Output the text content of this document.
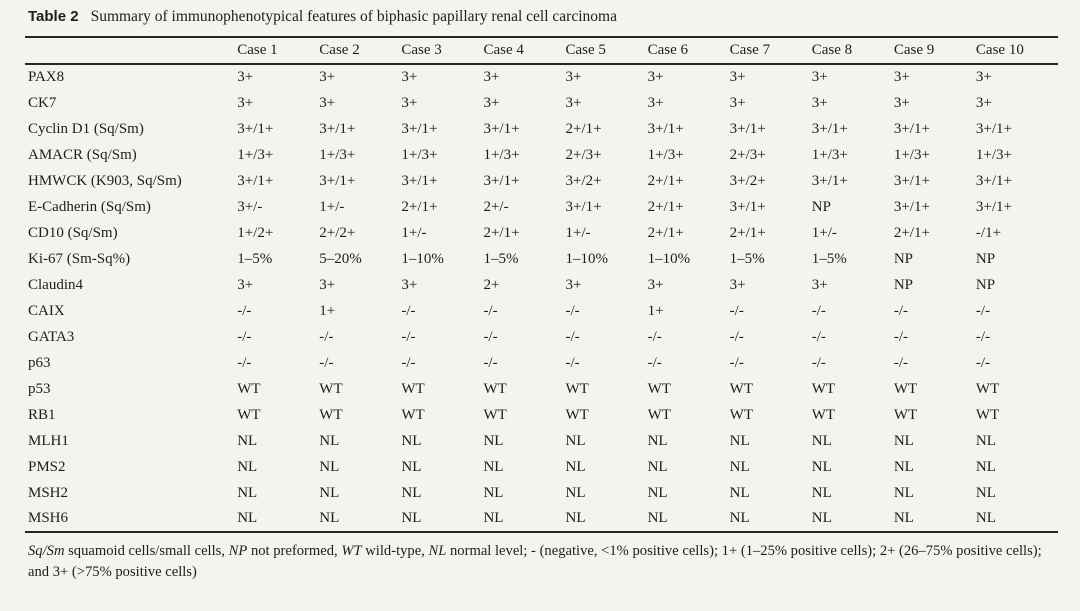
Table 2 Summary of immunophenotypical features of biphasic papillary renal cell carcinoma
	Case 1	Case 2	Case 3	Case 4	Case 5	Case 6	Case 7	Case 8	Case 9	Case 10
PAX8	3+	3+	3+	3+	3+	3+	3+	3+	3+	3+
CK7	3+	3+	3+	3+	3+	3+	3+	3+	3+	3+
Cyclin D1 (Sq/Sm)	3+/1+	3+/1+	3+/1+	3+/1+	2+/1+	3+/1+	3+/1+	3+/1+	3+/1+	3+/1+
AMACR (Sq/Sm)	1+/3+	1+/3+	1+/3+	1+/3+	2+/3+	1+/3+	2+/3+	1+/3+	1+/3+	1+/3+
HMWCK (K903, Sq/Sm)	3+/1+	3+/1+	3+/1+	3+/1+	3+/2+	2+/1+	3+/2+	3+/1+	3+/1+	3+/1+
E-Cadherin (Sq/Sm)	3+/-	1+/-	2+/1+	2+/-	3+/1+	2+/1+	3+/1+	NP	3+/1+	3+/1+
CD10 (Sq/Sm)	1+/2+	2+/2+	1+/-	2+/1+	1+/-	2+/1+	2+/1+	1+/-	2+/1+	-/1+
Ki-67 (Sm-Sq%)	1–5%	5–20%	1–10%	1–5%	1–10%	1–10%	1–5%	1–5%	NP	NP
Claudin4	3+	3+	3+	2+	3+	3+	3+	3+	NP	NP
CAIX	-/-	1+	-/-	-/-	-/-	1+	-/-	-/-	-/-	-/-
GATA3	-/-	-/-	-/-	-/-	-/-	-/-	-/-	-/-	-/-	-/-
p63	-/-	-/-	-/-	-/-	-/-	-/-	-/-	-/-	-/-	-/-
p53	WT	WT	WT	WT	WT	WT	WT	WT	WT	WT
RB1	WT	WT	WT	WT	WT	WT	WT	WT	WT	WT
MLH1	NL	NL	NL	NL	NL	NL	NL	NL	NL	NL
PMS2	NL	NL	NL	NL	NL	NL	NL	NL	NL	NL
MSH2	NL	NL	NL	NL	NL	NL	NL	NL	NL	NL
MSH6	NL	NL	NL	NL	NL	NL	NL	NL	NL	NL
Sq/Sm squamoid cells/small cells, NP not preformed, WT wild-type, NL normal level; - (negative, <1% positive cells); 1+ (1–25% positive cells); 2+ (26–75% positive cells); and 3+ (>75% positive cells)
